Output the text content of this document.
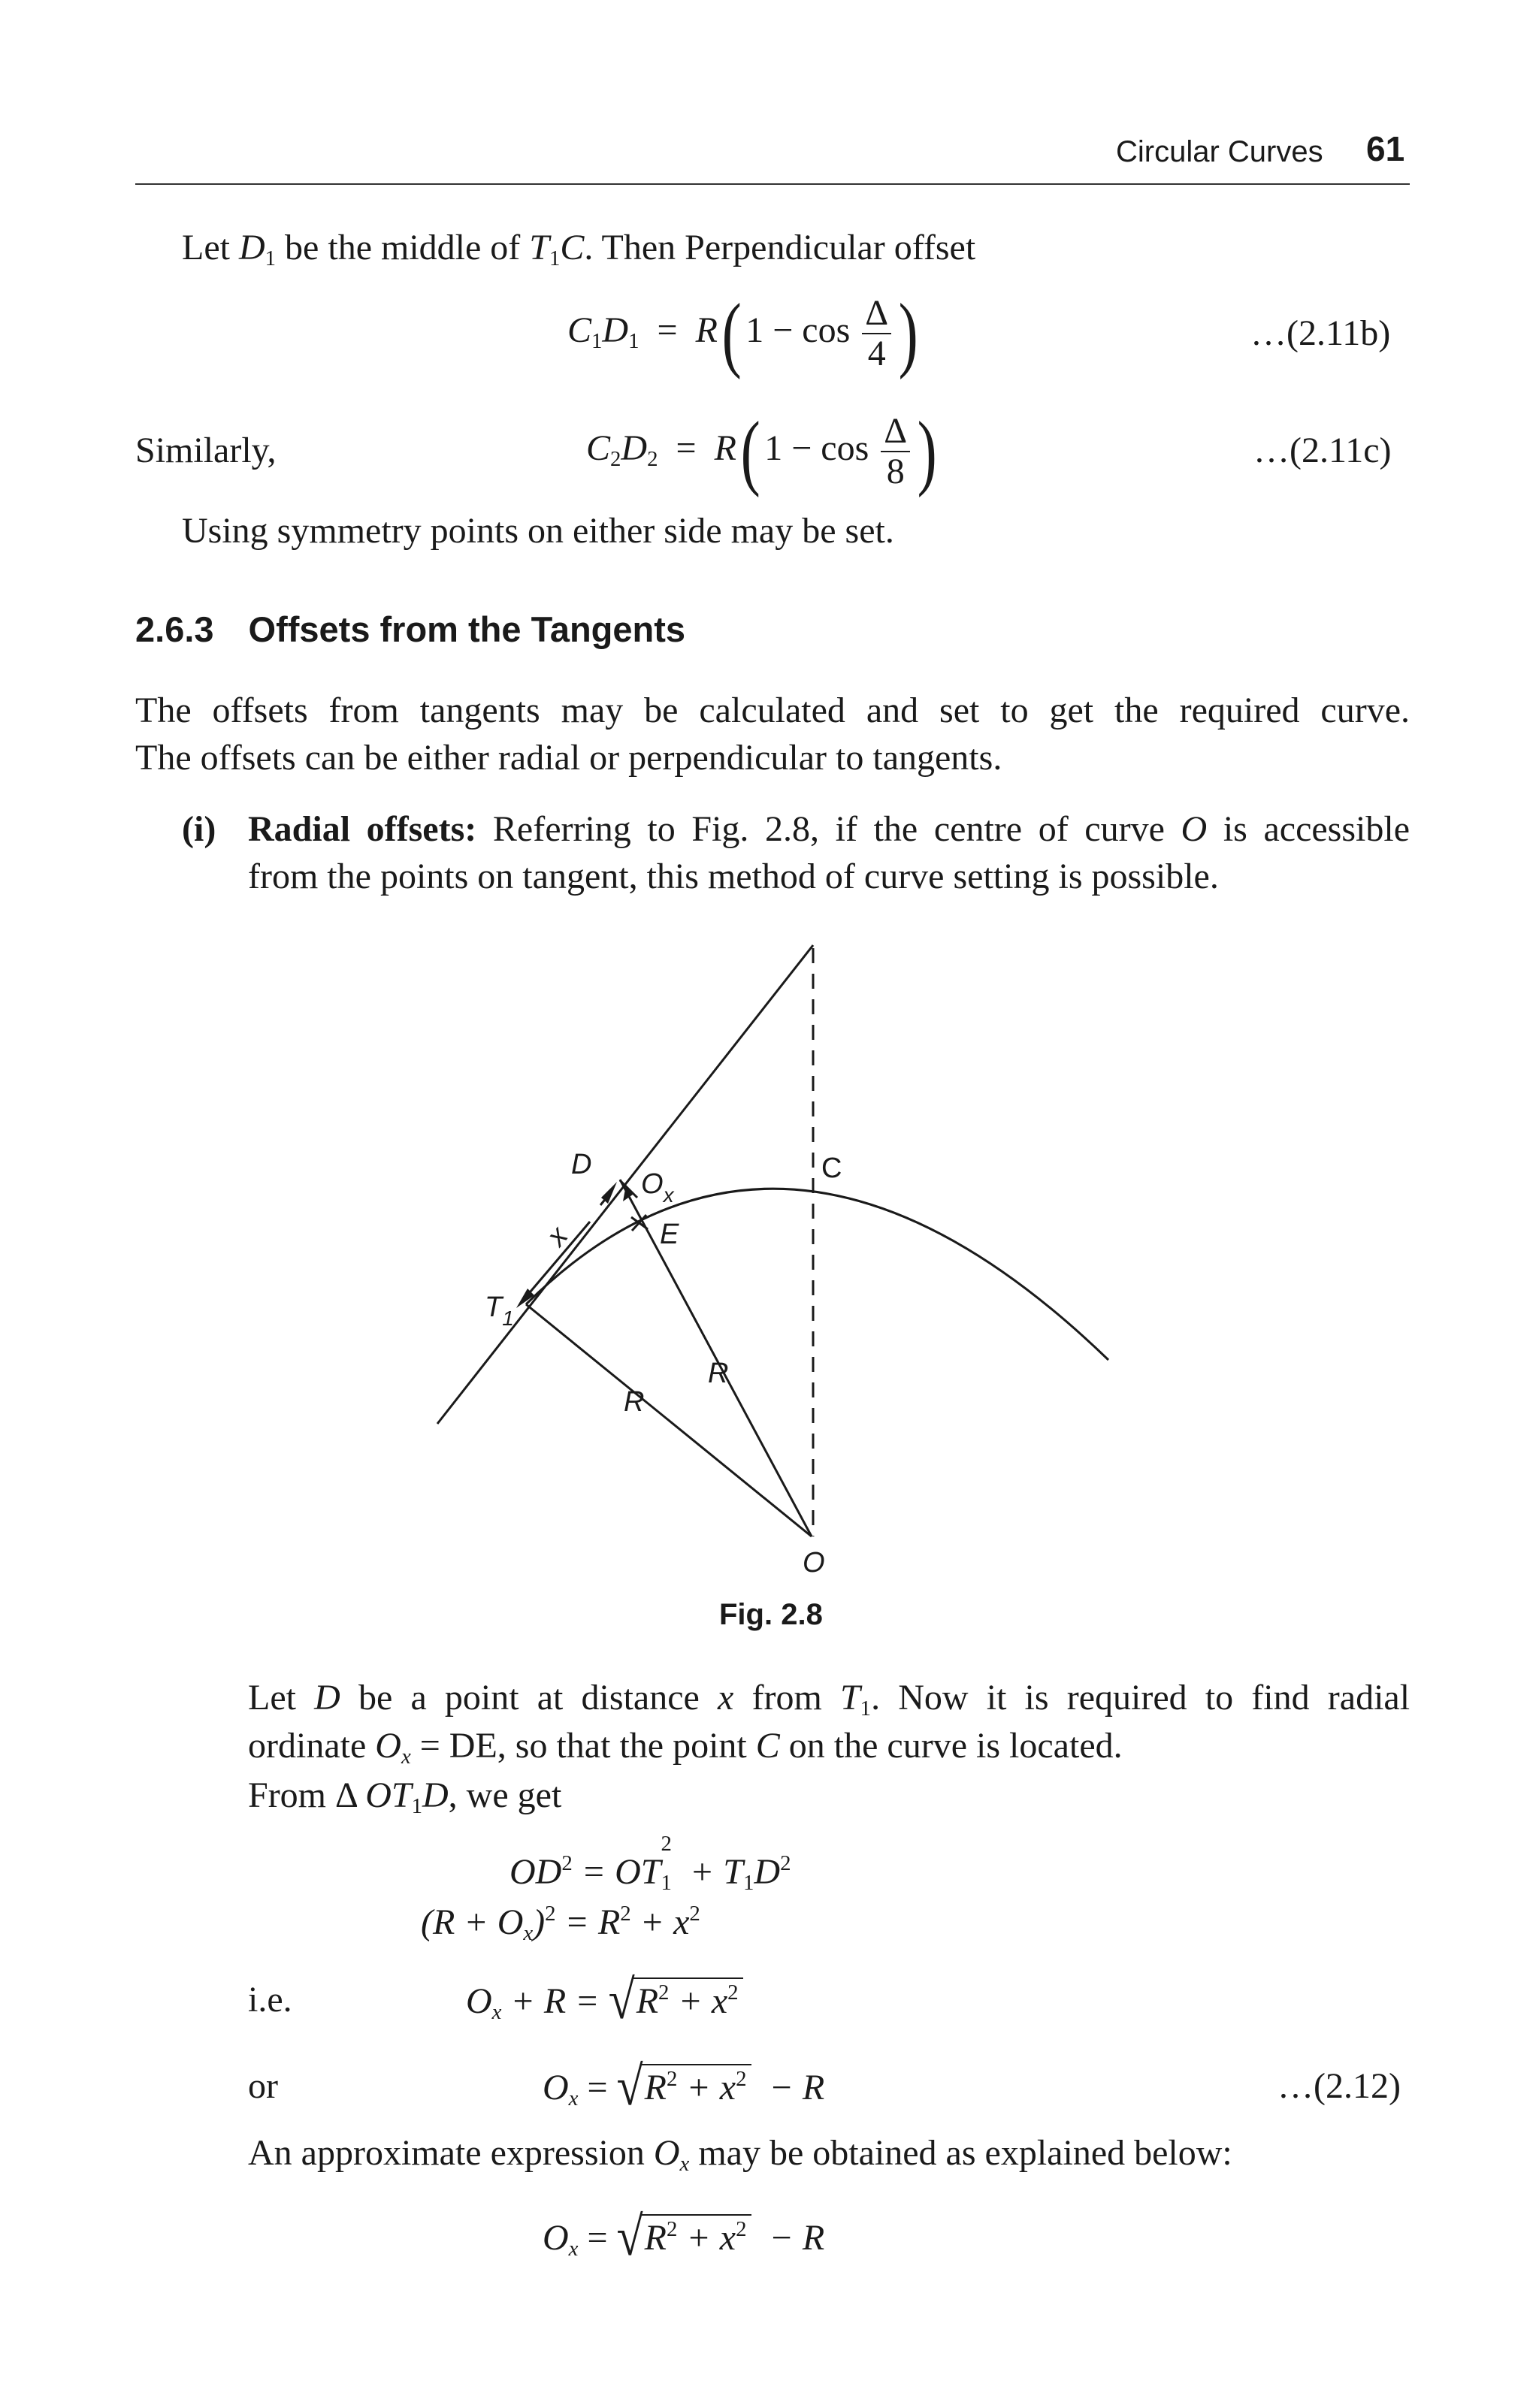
Circular Curves 61
Let $D_1$ be the middle of $T_1C$. Then Perpendicular offset
$C_1D_1 = R$( $1 - \cos \frac{\Delta}{4}$ )	…(2.11b)
Similarly,	$C_2D_2 = R$( $1 - \cos \frac{\Delta}{8}$ )	…(2.11c)
Using symmetry points on either side may be set.
2.6.3 Offsets from the Tangents
The offsets from tangents may be calculated and set to get the required curve.
The offsets can be either radial or perpendicular to tangents.
(i) Radial offsets: Referring to Fig. 2.8, if the centre of curve O is accessible
from the points on tangent, this method of curve setting is possible.
D
$O_x$
C
E
x
$T_1$
R
R
O
Fig. 2.8
Let D be a point at distance x from $T_1$. Now it is required to find radial
ordinate $O_x$ = DE, so that the point C on the curve is located.
From Δ $OT_1D$, we get
$OD^2$ = OT
2
$_1 + T_1D^2$
$(R + O_x)^2 = R^2 + x^2$
i.e.	$O_x + R = √R^2 + x^2$
or	$O_x = √R^2 + x^2 - R$	…(2.12)
An approximate expression $O_x$ may be obtained as explained below:
$O_x = √R^2 + x^2 - R$
